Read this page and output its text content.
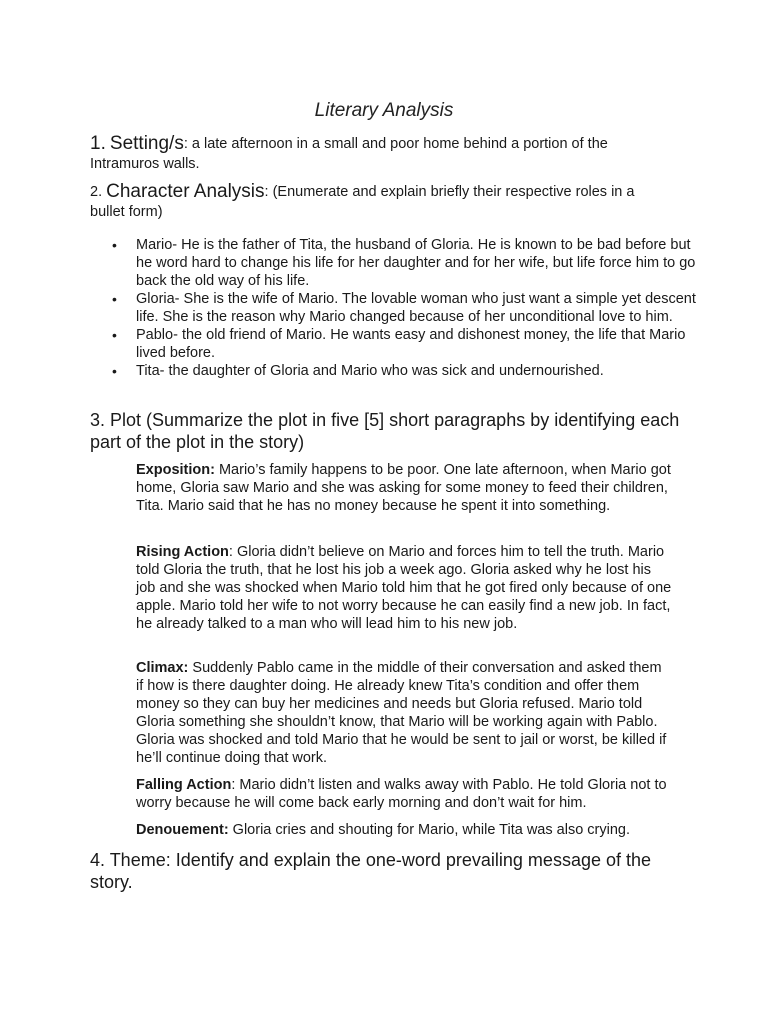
Literary Analysis
1. Setting/s: a late afternoon in a small and poor home behind a portion of the Intramuros walls.
2. Character Analysis: (Enumerate and explain briefly their respective roles in a bullet form)
• Mario- He is the father of Tita, the husband of Gloria. He is known to be bad before but he word hard to change his life for her daughter and for her wife, but life force him to go back the old way of his life.
• Gloria- She is the wife of Mario. The lovable woman who just want a simple yet descent life. She is the reason why Mario changed because of her unconditional love to him.
• Pablo- the old friend of Mario. He wants easy and dishonest money, the life that Mario lived before.
• Tita- the daughter of Gloria and Mario who was sick and undernourished.
3. Plot (Summarize the plot in five [5] short paragraphs by identifying each part of the plot in the story)
Exposition: Mario’s family happens to be poor. One late afternoon, when Mario got home, Gloria saw Mario and she was asking for some money to feed their children, Tita. Mario said that he has no money because he spent it into something.
Rising Action: Gloria didn’t believe on Mario and forces him to tell the truth. Mario told Gloria the truth, that he lost his job a week ago. Gloria asked why he lost his job and she was shocked when Mario told him that he got fired only because of one apple. Mario told her wife to not worry because he can easily find a new job. In fact, he already talked to a man who will lead him to his new job.
Climax: Suddenly Pablo came in the middle of their conversation and asked them if how is there daughter doing. He already knew Tita’s condition and offer them money so they can buy her medicines and needs but Gloria refused. Mario told Gloria something she shouldn’t know, that Mario will be working again with Pablo. Gloria was shocked and told Mario that he would be sent to jail or worst, be killed if he’ll continue doing that work.
Falling Action: Mario didn’t listen and walks away with Pablo. He told Gloria not to worry because he will come back early morning and don’t wait for him.
Denouement: Gloria cries and shouting for Mario, while Tita was also crying.
4. Theme: Identify and explain the one-word prevailing message of the story.
